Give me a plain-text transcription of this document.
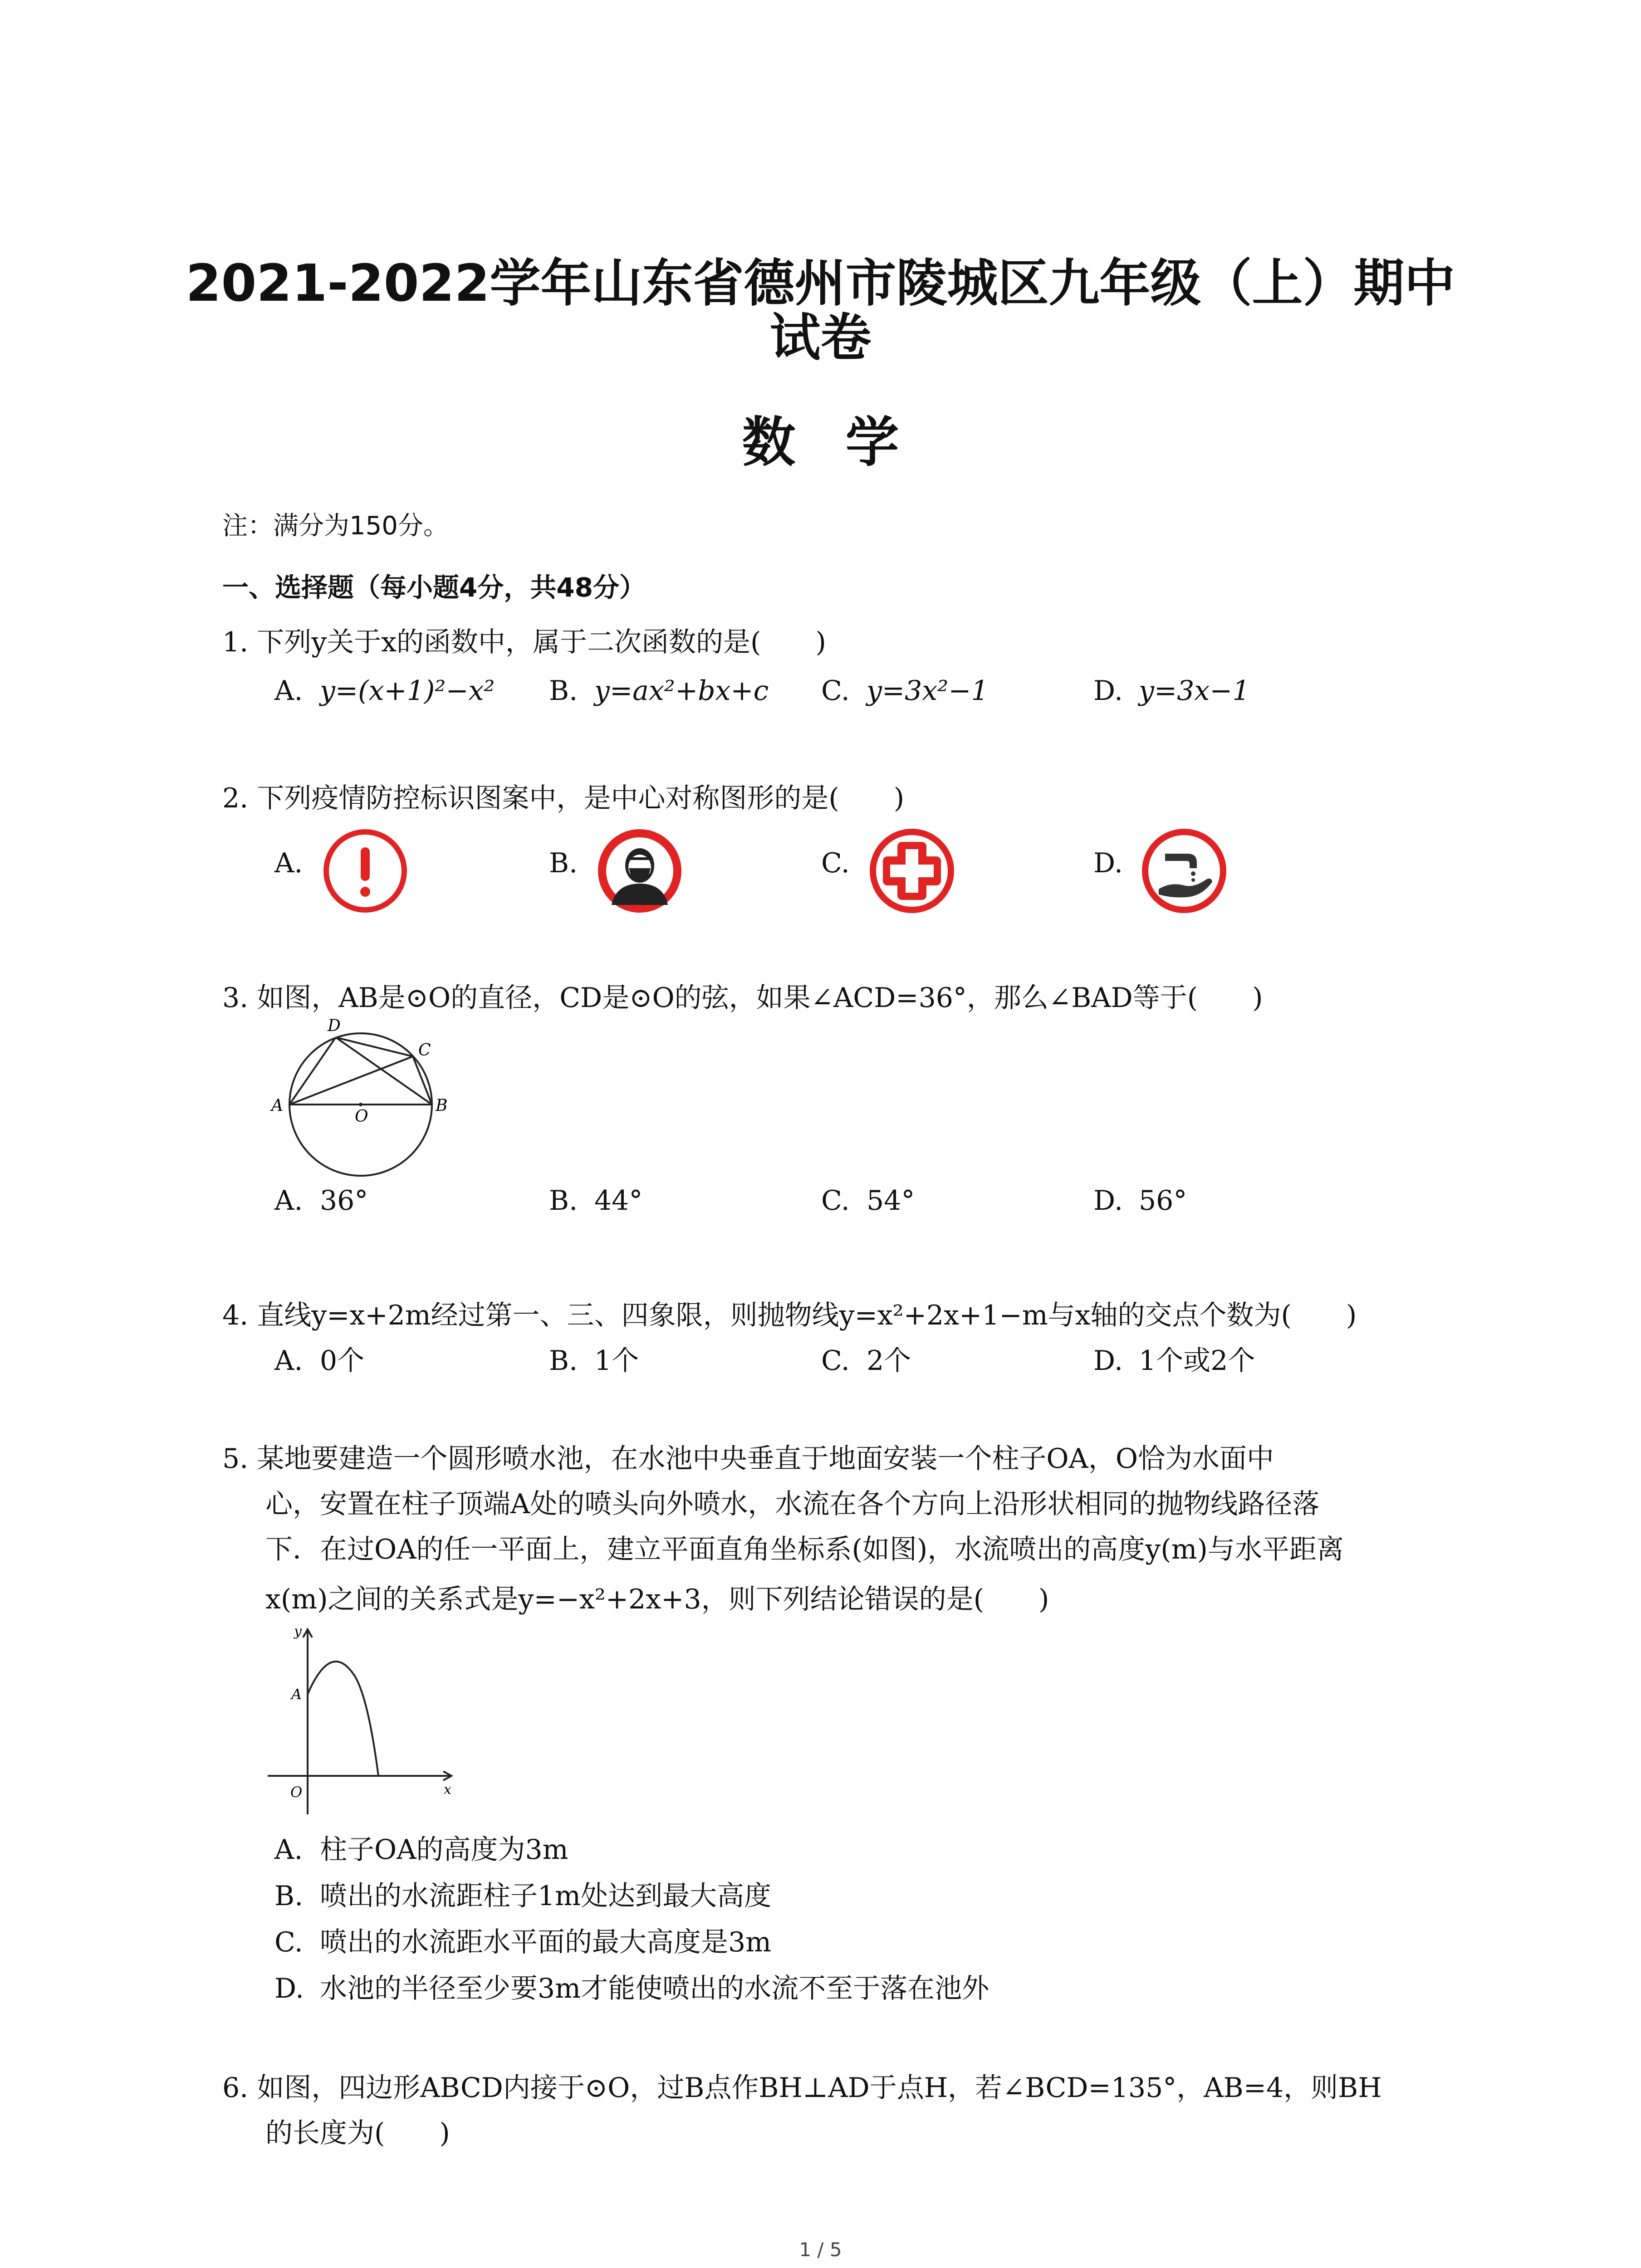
2021-2022学年山东省德州市陵城区九年级（上）期中
试卷
数学
注：满分为150分。
一、选择题（每小题4分，共48分）
1. 下列y关于x的函数中，属于二次函数的是(　　)
A. y=(x+1)²−x² B. y=ax²+bx+c C. y=3x²−1	D. y=3x−1
2. 下列疫情防控标识图案中，是中心对称图形的是(　　)
A.	B.	C.	D.
3. 如图，AB是⊙O的直径，CD是⊙O的弦，如果∠ACD=36°，那么∠BAD等于(　　)
D
C
A	B
O
A. 36°	B. 44°	C. 54°	D. 56°
4. 直线y=x+2m经过第一、三、四象限，则抛物线y=x²+2x+1−m与x轴的交点个数为(　　)
A. 0个	B. 1个	C. 2个	D. 1个或2个
5. 某地要建造一个圆形喷水池，在水池中央垂直于地面安装一个柱子OA，O恰为水面中
心，安置在柱子顶端A处的喷头向外喷水，水流在各个方向上沿形状相同的抛物线路径落
下．在过OA的任一平面上，建立平面直角坐标系(如图)，水流喷出的高度y(m)与水平距离
x(m)之间的关系式是y=−x²+2x+3，则下列结论错误的是(　　)
y
A
O	x
A. 柱子OA的高度为3m
B. 喷出的水流距柱子1m处达到最大高度
C. 喷出的水流距水平面的最大高度是3m
D. 水池的半径至少要3m才能使喷出的水流不至于落在池外
6. 如图，四边形ABCD内接于⊙O，过B点作BH⊥AD于点H，若∠BCD=135°，AB=4，则BH
的长度为(　　)
1 / 5
